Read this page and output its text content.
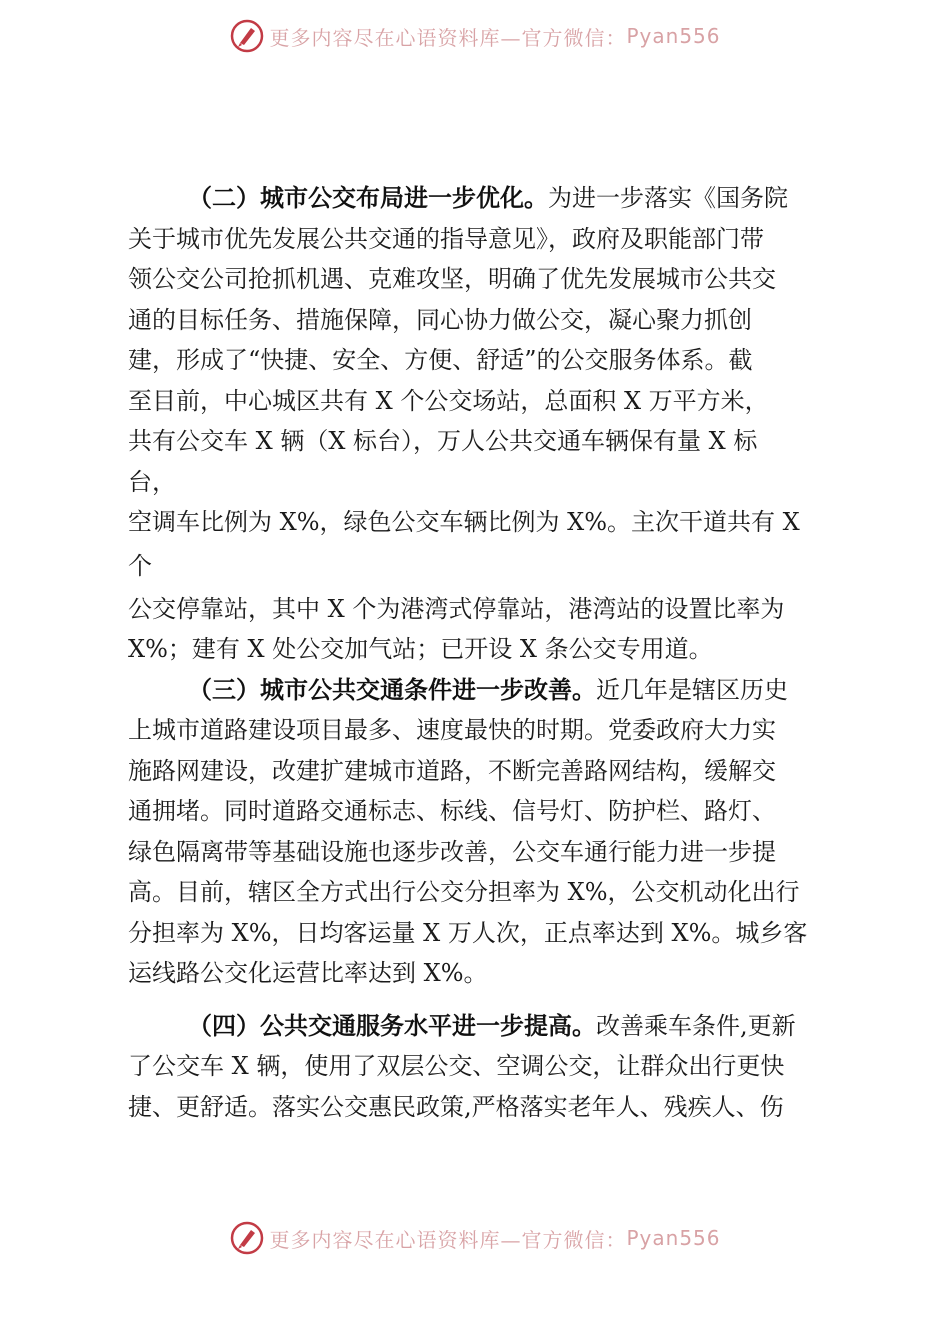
更多内容尽在心语资料库—官方微信： Pyan556
（二）城市公交布局进一步优化。为进一步落实《国务院
关于城市优先发展公共交通的指导意见》，政府及职能部门带
领公交公司抢抓机遇、克难攻坚，明确了优先发展城市公共交
通的目标任务、措施保障，同心协力做公交，凝心聚力抓创
建，形成了“快捷、安全、方便、舒适”的公交服务体系。截
至目前，中心城区共有 X 个公交场站，总面积 X 万平方米，
共有公交车 X 辆（X 标台），万人公共交通车辆保有量 X 标
台，
空调车比例为 X%，绿色公交车辆比例为 X%。主次干道共有 X
个
公交停靠站，其中 X 个为港湾式停靠站，港湾站的设置比率为
X%；建有 X 处公交加气站；已开设 X 条公交专用道。
（三）城市公共交通条件进一步改善。近几年是辖区历史
上城市道路建设项目最多、速度最快的时期。党委政府大力实
施路网建设，改建扩建城市道路，不断完善路网结构，缓解交
通拥堵。同时道路交通标志、标线、信号灯、防护栏、路灯、
绿色隔离带等基础设施也逐步改善，公交车通行能力进一步提
高。目前，辖区全方式出行公交分担率为 X%，公交机动化出行
分担率为 X%，日均客运量 X 万人次，正点率达到 X%。城乡客
运线路公交化运营比率达到 X%。
（四）公共交通服务水平进一步提高。改善乘车条件,更新
了公交车 X 辆，使用了双层公交、空调公交，让群众出行更快
捷、更舒适。落实公交惠民政策,严格落实老年人、残疾人、伤
更多内容尽在心语资料库—官方微信： Pyan556
